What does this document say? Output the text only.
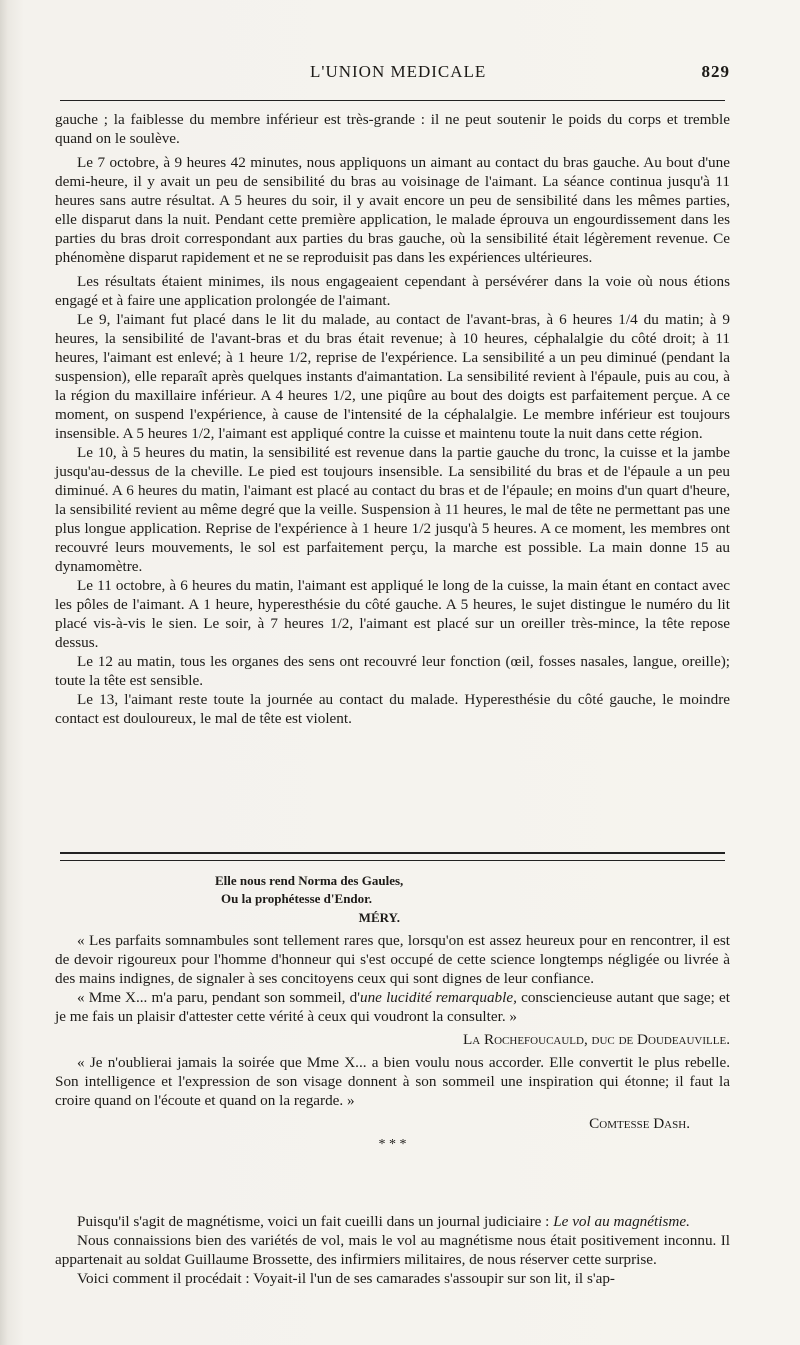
L'UNION MEDICALE	829

gauche ; la faiblesse du membre inférieur est très-grande : il ne peut soutenir le poids du corps et tremble quand on le soulève.

Le 7 octobre, à 9 heures 42 minutes, nous appliquons un aimant au contact du bras gauche. Au bout d'une demi-heure, il y avait un peu de sensibilité du bras au voisinage de l'aimant. La séance continua jusqu'à 11 heures sans autre résultat. A 5 heures du soir, il y avait encore un peu de sensibilité dans les mêmes parties, elle disparut dans la nuit. Pendant cette première application, le malade éprouva un engourdissement dans les parties du bras droit correspondant aux parties du bras gauche, où la sensibilité était légèrement revenue. Ce phénomène disparut rapidement et ne se reproduisit pas dans les expériences ultérieures.

Les résultats étaient minimes, ils nous engageaient cependant à persévérer dans la voie où nous étions engagé et à faire une application prolongée de l'aimant.

Le 9, l'aimant fut placé dans le lit du malade, au contact de l'avant-bras, à 6 heures 1/4 du matin; à 9 heures, la sensibilité de l'avant-bras et du bras était revenue; à 10 heures, céphalalgie du côté droit; à 11 heures, l'aimant est enlevé; à 1 heure 1/2, reprise de l'expérience. La sensibilité a un peu diminué (pendant la suspension), elle reparaît après quelques instants d'aimantation. La sensibilité revient à l'épaule, puis au cou, à la région du maxillaire inférieur. A 4 heures 1/2, une piqûre au bout des doigts est parfaitement perçue. A ce moment, on suspend l'expérience, à cause de l'intensité de la céphalalgie. Le membre inférieur est toujours insensible. A 5 heures 1/2, l'aimant est appliqué contre la cuisse et maintenu toute la nuit dans cette région.

Le 10, à 5 heures du matin, la sensibilité est revenue dans la partie gauche du tronc, la cuisse et la jambe jusqu'au-dessus de la cheville. Le pied est toujours insensible. La sensibilité du bras et de l'épaule a un peu diminué. A 6 heures du matin, l'aimant est placé au contact du bras et de l'épaule; en moins d'un quart d'heure, la sensibilité revient au même degré que la veille. Suspension à 11 heures, le mal de tête ne permettant pas une plus longue application. Reprise de l'expérience à 1 heure 1/2 jusqu'à 5 heures. A ce moment, les membres ont recouvré leurs mouvements, le sol est parfaitement perçu, la marche est possible. La main donne 15 au dynamomètre.

Le 11 octobre, à 6 heures du matin, l'aimant est appliqué le long de la cuisse, la main étant en contact avec les pôles de l'aimant. A 1 heure, hyperesthésie du côté gauche. A 5 heures, le sujet distingue le numéro du lit placé vis-à-vis le sien. Le soir, à 7 heures 1/2, l'aimant est placé sur un oreiller très-mince, la tête repose dessus.

Le 12 au matin, tous les organes des sens ont recouvré leur fonction (œil, fosses nasales, langue, oreille); toute la tête est sensible.

Le 13, l'aimant reste toute la journée au contact du malade. Hyperesthésie du côté gauche, le moindre contact est douloureux, le mal de tête est violent.

Elle nous rend Norma des Gaules,
Ou la prophétesse d'Endor.
MÉRY.

« Les parfaits somnambules sont tellement rares que, lorsqu'on est assez heureux pour en rencontrer, il est de devoir rigoureux pour l'homme d'honneur qui s'est occupé de cette science longtemps négligée ou livrée à des mains indignes, de signaler à ses concitoyens ceux qui sont dignes de leur confiance.

« Mme X... m'a paru, pendant son sommeil, d'une lucidité remarquable, consciencieuse autant que sage; et je me fais un plaisir d'attester cette vérité à ceux qui voudront la consulter. »

La Rochefoucauld, duc de Doudeauville.

« Je n'oublierai jamais la soirée que Mme X... a bien voulu nous accorder. Elle convertit le plus rebelle. Son intelligence et l'expression de son visage donnent à son sommeil une inspiration qui étonne; il faut la croire quand on l'écoute et quand on la regarde. »

Comtesse Dash.
* * *

Puisqu'il s'agit de magnétisme, voici un fait cueilli dans un journal judiciaire : Le vol au magnétisme.

Nous connaissions bien des variétés de vol, mais le vol au magnétisme nous était positivement inconnu. Il appartenait au soldat Guillaume Brossette, des infirmiers militaires, de nous réserver cette surprise.

Voici comment il procédait : Voyait-il l'un de ses camarades s'assoupir sur son lit, il s'ap-
